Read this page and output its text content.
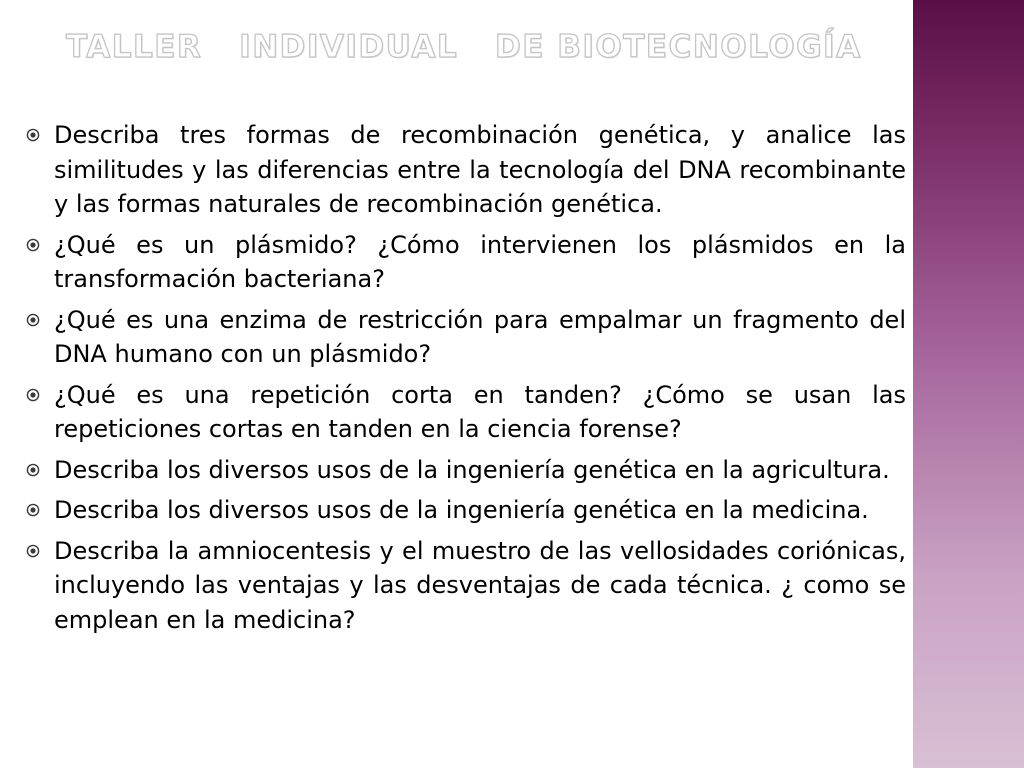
TALLER   INDIVIDUAL   DE BIOTECNOLOGÍA
Describa tres formas de recombinación genética, y analice las similitudes y las diferencias entre la tecnología del DNA recombinante y las formas naturales de recombinación genética.
¿Qué es un plásmido? ¿Cómo intervienen los plásmidos en la transformación bacteriana?
¿Qué es una enzima de restricción para empalmar un fragmento del DNA humano con un plásmido?
¿Qué es una repetición corta en tanden? ¿Cómo se usan las repeticiones cortas en tanden en la ciencia forense?
Describa los diversos usos de la ingeniería genética en la agricultura.
Describa los diversos usos de la ingeniería genética en la medicina.
Describa la amniocentesis y el muestro de las vellosidades coriónicas, incluyendo las ventajas y las desventajas de cada técnica. ¿ como se emplean en la medicina?
